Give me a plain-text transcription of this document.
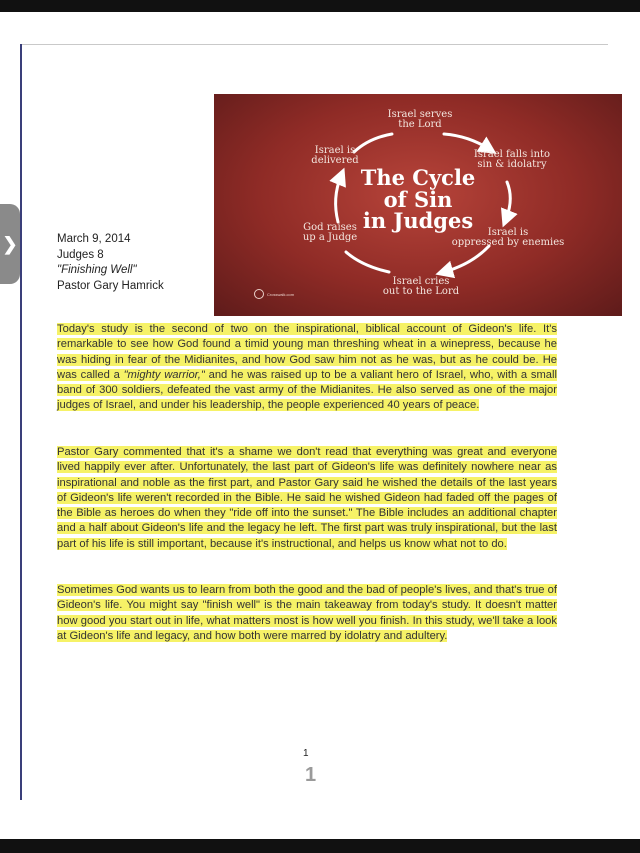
❯
The Cycle
of Sin
in Judges
Israel serves
the Lord
Israel falls into
sin & idolatry
Israel is
oppressed by enemies
Israel cries
out to the Lord
God raises
up a Judge
Israel is
delivered
Crosswalk.com
March 9, 2014
Judges 8
"Finishing Well"
Pastor Gary Hamrick
Today's study is the second of two on the inspirational, biblical account of Gideon's life. It's remarkable to see how God found a timid young man threshing wheat in a winepress, because he was hiding in fear of the Midianites, and how God saw him not as he was, but as he could be. He was called a "mighty warrior," and he was raised up to be a valiant hero of Israel, who, with a small band of 300 soldiers, defeated the vast army of the Midianites. He also served as one of the major judges of Israel, and under his leadership, the people experienced 40 years of peace.
Pastor Gary commented that it's a shame we don't read that everything was great and everyone lived happily ever after. Unfortunately, the last part of Gideon's life was definitely nowhere near as inspirational and noble as the first part, and Pastor Gary said he wished the details of the last years of Gideon's life weren't recorded in the Bible. He said he wished Gideon had faded off the pages of the Bible as heroes do when they "ride off into the sunset." The Bible includes an additional chapter and a half about Gideon's life and the legacy he left. The first part was truly inspirational, but the last part of his life is still important, because it's instructional, and helps us know what not to do.
Sometimes God wants us to learn from both the good and the bad of people's lives, and that's true of Gideon's life. You might say "finish well" is the main takeaway from today's study. It doesn't matter how good you start out in life, what matters most is how well you finish. In this study, we'll take a look at Gideon's life and legacy, and how both were marred by idolatry and adultery.
1
1
